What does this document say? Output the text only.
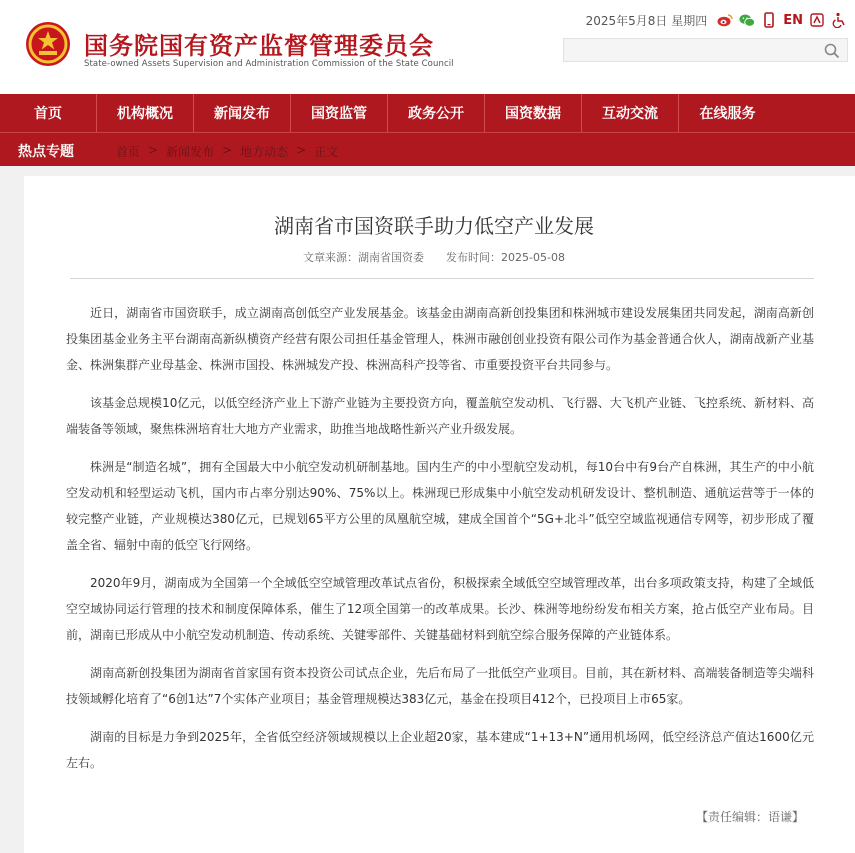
国务院国有资产监督管理委员会
State-owned Assets Supervision and Administration Commission of the State Council
2025年5月8日 星期四	EN
首页	机构概况	新闻发布	国资监管	政务公开	国资数据	互动交流	在线服务
热点专题	首页 > 新闻发布 > 地方动态 > 正文
湖南省市国资联手助力低空产业发展
文章来源：湖南省国资委 发布时间：2025-05-08

近日，湖南省市国资联手，成立湖南高创低空产业发展基金。该基金由湖南高新创投集团和株洲城市建设发展集团共同发起，湖南高新创投集团基金业务主平台湖南高新纵横资产经营有限公司担任基金管理人，株洲市融创创业投资有限公司作为基金普通合伙人，湖南战新产业基金、株洲集群产业母基金、株洲市国投、株洲城发产投、株洲高科产投等省、市重要投资平台共同参与。

该基金总规模10亿元，以低空经济产业上下游产业链为主要投资方向，覆盖航空发动机、飞行器、大飞机产业链、飞控系统、新材料、高端装备等领域，聚焦株洲培育壮大地方产业需求，助推当地战略性新兴产业升级发展。

株洲是“制造名城”，拥有全国最大中小航空发动机研制基地。国内生产的中小型航空发动机，每10台中有9台产自株洲，其生产的中小航空发动机和轻型运动飞机，国内市占率分别达90%、75%以上。株洲现已形成集中小航空发动机研发设计、整机制造、通航运营等于一体的较完整产业链，产业规模达380亿元，已规划65平方公里的凤凰航空城，建成全国首个“5G+北斗”低空空域监视通信专网等，初步形成了覆盖全省、辐射中南的低空飞行网络。

2020年9月，湖南成为全国第一个全域低空空域管理改革试点省份，积极探索全域低空空域管理改革，出台多项政策支持，构建了全域低空空域协同运行管理的技术和制度保障体系，催生了12项全国第一的改革成果。长沙、株洲等地纷纷发布相关方案，抢占低空产业布局。目前，湖南已形成从中小航空发动机制造、传动系统、关键零部件、关键基础材料到航空综合服务保障的产业链体系。

湖南高新创投集团为湖南省首家国有资本投资公司试点企业，先后布局了一批低空产业项目。目前，其在新材料、高端装备制造等尖端科技领域孵化培育了“6创1达”7个实体产业项目；基金管理规模达383亿元，基金在投项目412个，已投项目上市65家。

湖南的目标是力争到2025年，全省低空经济领域规模以上企业超20家，基本建成“1+13+N”通用机场网，低空经济总产值达1600亿元左右。

【责任编辑：语谦】
